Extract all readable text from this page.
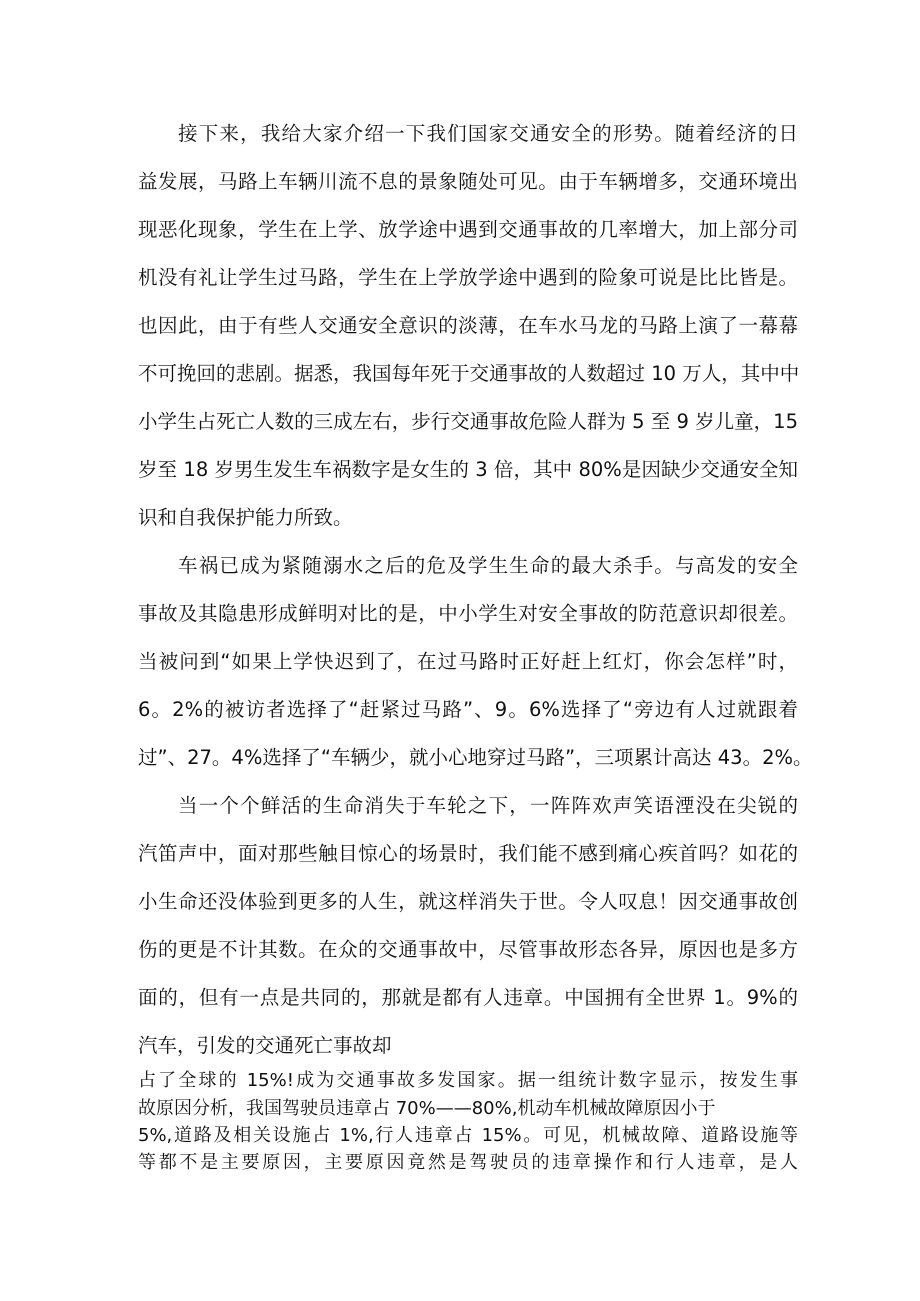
接下来，我给大家介绍一下我们国家交通安全的形势。随着经济的日
益发展，马路上车辆川流不息的景象随处可见。由于车辆增多，交通环境出
现恶化现象，学生在上学、放学途中遇到交通事故的几率增大，加上部分司
机没有礼让学生过马路，学生在上学放学途中遇到的险象可说是比比皆是。
也因此，由于有些人交通安全意识的淡薄，在车水马龙的马路上演了一幕幕
不可挽回的悲剧。据悉，我国每年死于交通事故的人数超过 10 万人，其中中
小学生占死亡人数的三成左右，步行交通事故危险人群为 5 至 9 岁儿童，15
岁至 18 岁男生发生车祸数字是女生的 3 倍，其中 80%是因缺少交通安全知
识和自我保护能力所致。
车祸已成为紧随溺水之后的危及学生生命的最大杀手。与高发的安全
事故及其隐患形成鲜明对比的是，中小学生对安全事故的防范意识却很差。
当被问到“如果上学快迟到了，在过马路时正好赶上红灯，你会怎样”时，
6。2%的被访者选择了“赶紧过马路”、9。6%选择了“旁边有人过就跟着
过”、27。4%选择了“车辆少，就小心地穿过马路”，三项累计高达 43。2%。
当一个个鲜活的生命消失于车轮之下，一阵阵欢声笑语湮没在尖锐的
汽笛声中，面对那些触目惊心的场景时，我们能不感到痛心疾首吗？如花的
小生命还没体验到更多的人生，就这样消失于世。令人叹息！因交通事故创
伤的更是不计其数。在众的交通事故中，尽管事故形态各异，原因也是多方
面的，但有一点是共同的，那就是都有人违章。中国拥有全世界 1。9%的
汽车，引发的交通死亡事故却
占了全球的 15%!成为交通事故多发国家。据一组统计数字显示，按发生事
故原因分析，我国驾驶员违章占 70%——80%,机动车机械故障原因小于
5%,道路及相关设施占 1%,行人违章占 15%。可见，机械故障、道路设施等
等都不是主要原因，主要原因竟然是驾驶员的违章操作和行人违章，是人
